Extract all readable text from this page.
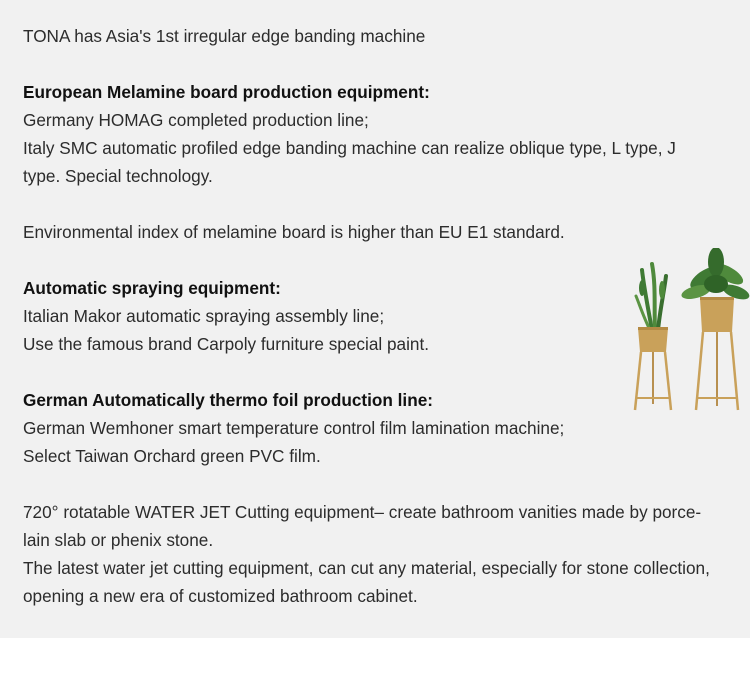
TONA has Asia's 1st irregular edge banding machine
European Melamine board production equipment:
Germany HOMAG completed production line;
Italy SMC automatic profiled edge banding machine can realize oblique type, L type, J
type. Special technology.
Environmental index of melamine board is higher than EU E1 standard.
Automatic spraying equipment:
Italian Makor automatic spraying assembly line;
Use the famous brand Carpoly furniture special paint.
German Automatically thermo foil production line:
German Wemhoner smart temperature control film lamination machine;
Select Taiwan Orchard green PVC film.
720° rotatable WATER JET Cutting equipment– create bathroom vanities made by porce-
lain slab or phenix stone.
The latest water jet cutting equipment, can cut any material, especially for stone collection,
opening a new era of customized bathroom cabinet.
